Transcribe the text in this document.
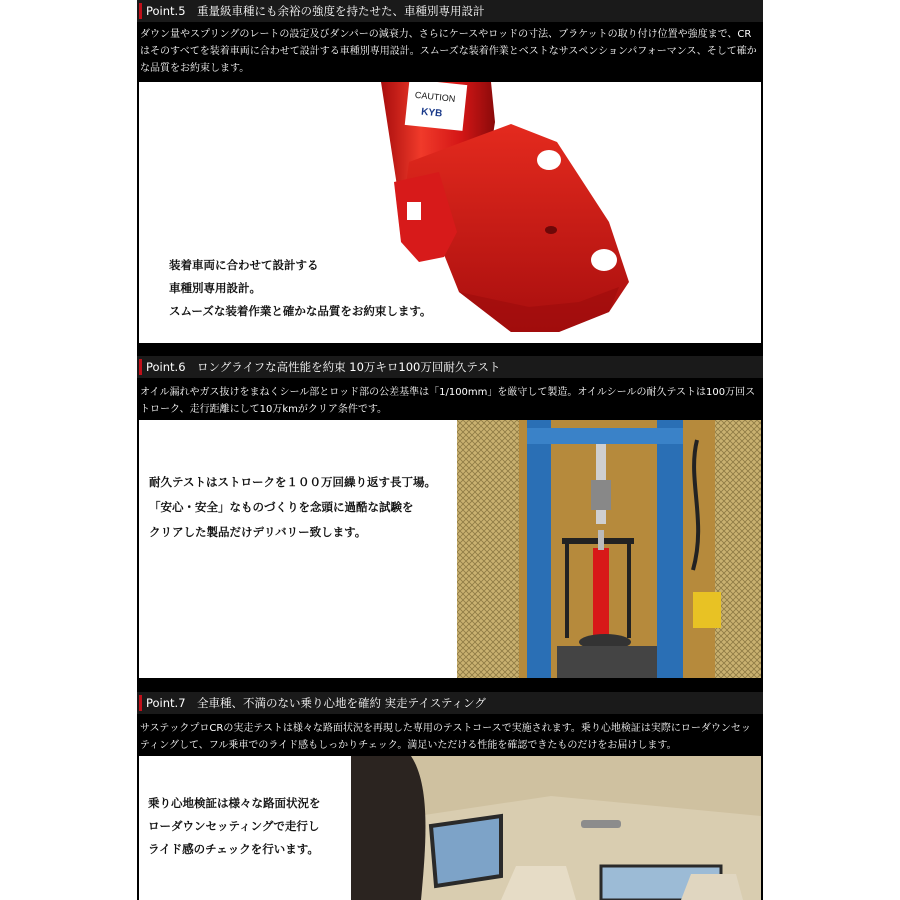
Point.5　重量級車種にも余裕の強度を持たせた、車種別専用設計
ダウン量やスプリングのレートの設定及びダンパーの減衰力、さらにケースやロッドの寸法、ブラケットの取り付け位置や強度まで、CRはそのすべてを装着車両に合わせて設計する車種別専用設計。スムーズな装着作業とベストなサスペンションパフォーマンス、そして確かな品質をお約束します。
CAUTION
KYB
装着車両に合わせて設計する
車種別専用設計。
スムーズな装着作業と確かな品質をお約束します。
Point.6　ロングライフな高性能を約束 10万キロ100万回耐久テスト
オイル漏れやガス抜けをまねくシール部とロッド部の公差基準は「1/100mm」を厳守して製造。オイルシールの耐久テストは100万回ストローク、走行距離にして10万kmがクリア条件です。
耐久テストはストロークを１００万回繰り返す長丁場。
「安心・安全」なものづくりを念頭に過酷な試験を
クリアした製品だけデリバリー致します。
Point.7　全車種、不満のない乗り心地を確約 実走テイスティング
サステックプロCRの実走テストは様々な路面状況を再現した専用のテストコースで実施されます。乗り心地検証は実際にローダウンセッティングして、フル乗車でのライド感もしっかりチェック。満足いただける性能を確認できたものだけをお届けします。
乗り心地検証は様々な路面状況を
ローダウンセッティングで走行し
ライド感のチェックを行います。
